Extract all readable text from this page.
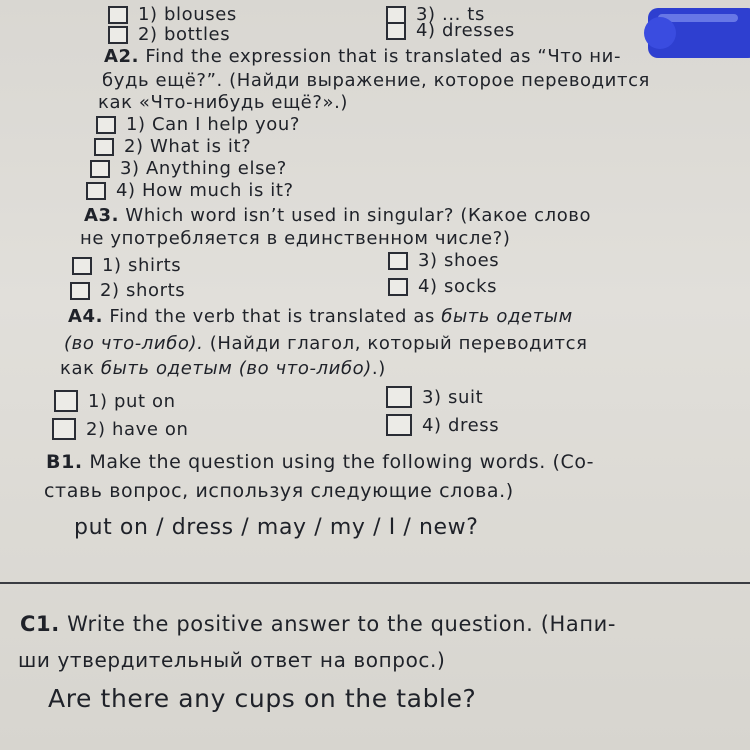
1) blouses
2) bottles
3) ... ts
4) dresses
A2. Find the expression that is translated as “Что ни-
будь ещё?”. (Найди выражение, которое переводится
как «Что-нибудь ещё?».)
1) Can I help you?
2) What is it?
3) Anything else?
4) How much is it?
A3. Which word isn’t used in singular? (Какое слово
не употребляется в единственном числе?)
1) shirts
2) shorts
3) shoes
4) socks
A4. Find the verb that is translated as быть одетым
(во что-либо). (Найди глагол, который переводится
как быть одетым (во что-либо).)
1) put on
2) have on
3) suit
4) dress
B1. Make the question using the following words. (Со-
ставь вопрос, используя следующие слова.)
put on / dress / may / my / I / new?
C1. Write the positive answer to the question. (Напи-
ши утвердительный ответ на вопрос.)
Are there any cups on the table?
